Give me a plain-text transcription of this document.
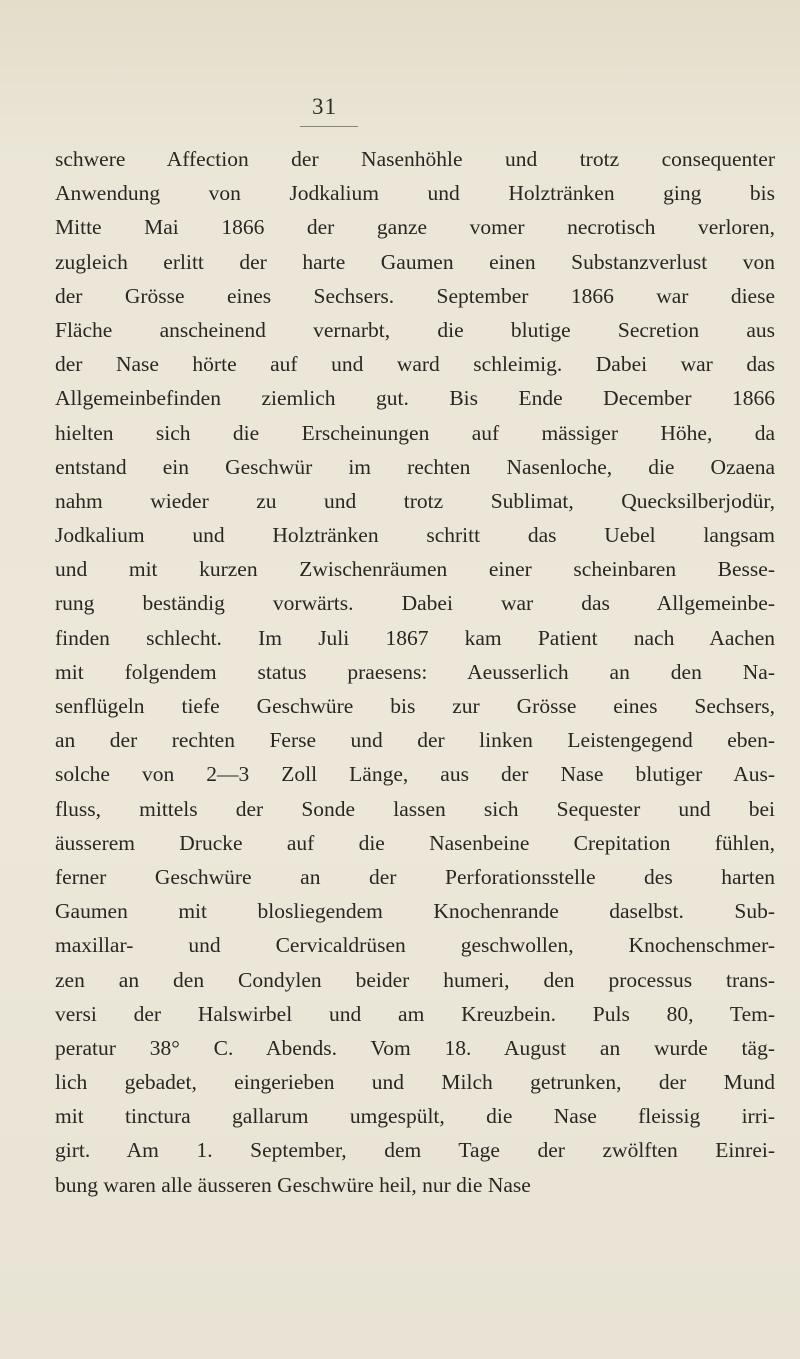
31
schwere Affection der Nasenhöhle und trotz consequenter
Anwendung von Jodkalium und Holztränken ging bis
Mitte Mai 1866 der ganze vomer necrotisch verloren,
zugleich erlitt der harte Gaumen einen Substanzverlust von
der Grösse eines Sechsers. September 1866 war diese
Fläche anscheinend vernarbt, die blutige Secretion aus
der Nase hörte auf und ward schleimig. Dabei war das
Allgemeinbefinden ziemlich gut. Bis Ende December 1866
hielten sich die Erscheinungen auf mässiger Höhe, da
entstand ein Geschwür im rechten Nasenloche, die Ozaena
nahm wieder zu und trotz Sublimat, Quecksilberjodür,
Jodkalium und Holztränken schritt das Uebel langsam
und mit kurzen Zwischenräumen einer scheinbaren Besse-
rung beständig vorwärts. Dabei war das Allgemeinbe-
finden schlecht. Im Juli 1867 kam Patient nach Aachen
mit folgendem status praesens: Aeusserlich an den Na-
senflügeln tiefe Geschwüre bis zur Grösse eines Sechsers,
an der rechten Ferse und der linken Leistengegend eben-
solche von 2—3 Zoll Länge, aus der Nase blutiger Aus-
fluss, mittels der Sonde lassen sich Sequester und bei
äusserem Drucke auf die Nasenbeine Crepitation fühlen,
ferner Geschwüre an der Perforationsstelle des harten
Gaumen mit blosliegendem Knochenrande daselbst. Sub-
maxillar- und Cervicaldrüsen geschwollen, Knochenschmer-
zen an den Condylen beider humeri, den processus trans-
versi der Halswirbel und am Kreuzbein. Puls 80, Tem-
peratur 38° C. Abends. Vom 18. August an wurde täg-
lich gebadet, eingerieben und Milch getrunken, der Mund
mit tinctura gallarum umgespült, die Nase fleissig irri-
girt. Am 1. September, dem Tage der zwölften Einrei-
bung waren alle äusseren Geschwüre heil, nur die Nase
